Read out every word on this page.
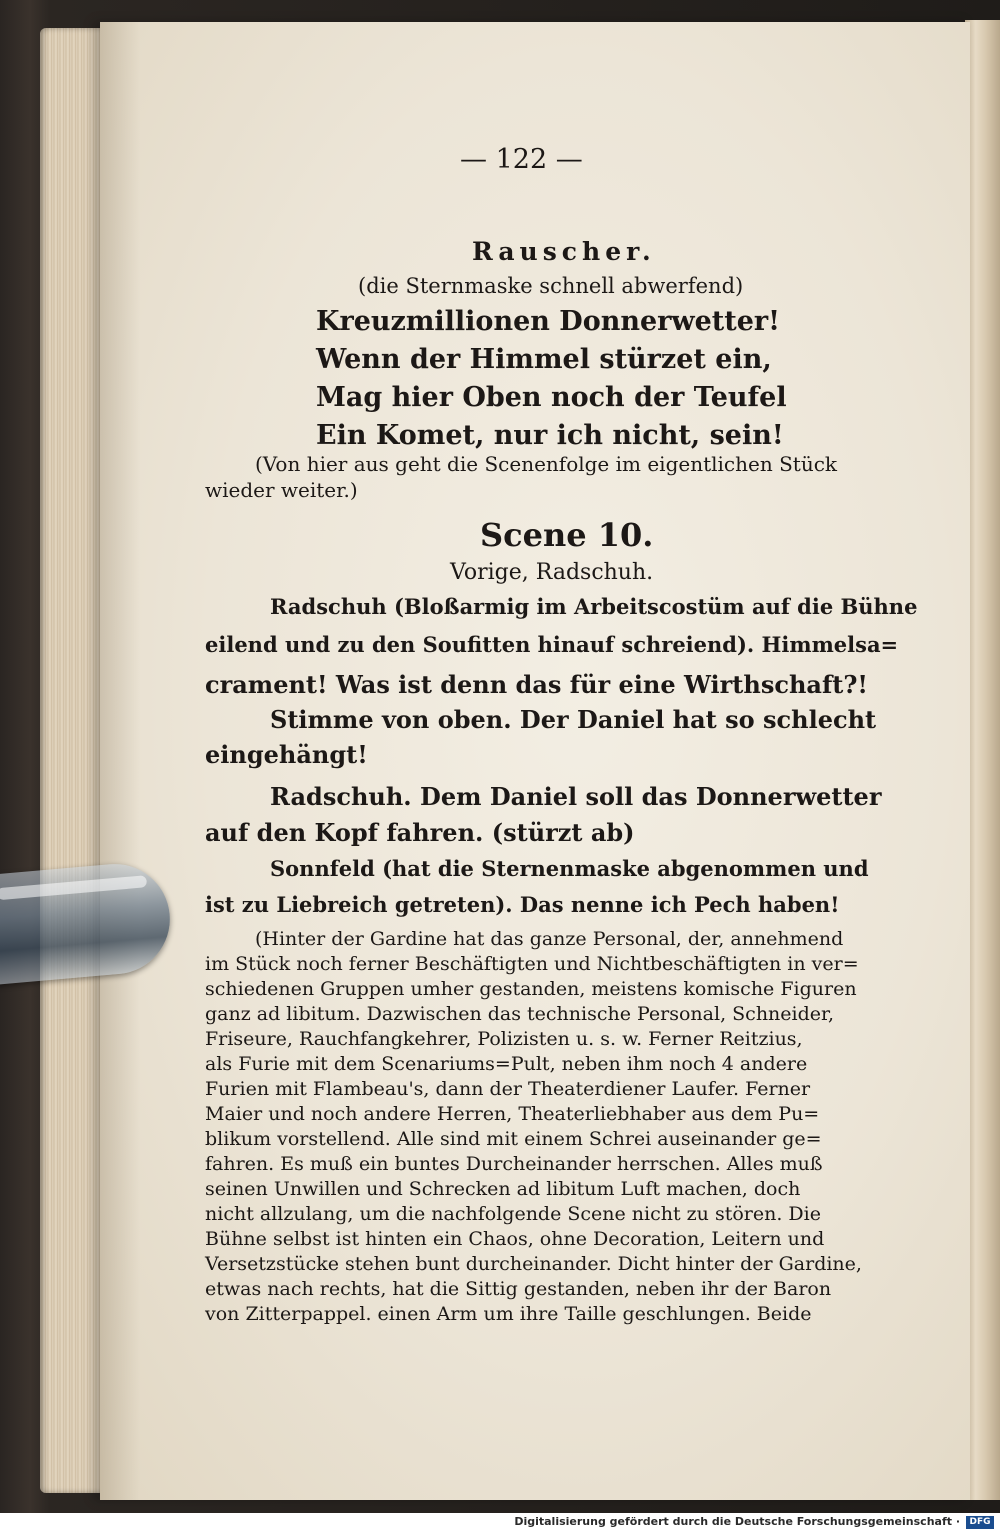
— 122 —
Rauscher.
(die Sternmaske schnell abwerfend)
Kreuzmillionen Donnerwetter!
Wenn der Himmel stürzet ein,
Mag hier Oben noch der Teufel
Ein Komet, nur ich nicht, sein!
(Von hier aus geht die Scenenfolge im eigentlichen Stück
wieder weiter.)
Scene 10.
Vorige, Radschuh.
Radschuh (Bloßarmig im Arbeitscostüm auf die Bühne
eilend und zu den Soufitten hinauf schreiend). Himmelsa=
crament! Was ist denn das für eine Wirthschaft?!
Stimme von oben. Der Daniel hat so schlecht
eingehängt!
Radschuh. Dem Daniel soll das Donnerwetter
auf den Kopf fahren. (stürzt ab)
Sonnfeld (hat die Sternenmaske abgenommen und
ist zu Liebreich getreten). Das nenne ich Pech haben!
(Hinter der Gardine hat das ganze Personal, der, annehmend
im Stück noch ferner Beschäftigten und Nichtbeschäftigten in ver=
schiedenen Gruppen umher gestanden, meistens komische Figuren
ganz ad libitum. Dazwischen das technische Personal, Schneider,
Friseure, Rauchfangkehrer, Polizisten u. s. w. Ferner Reitzius,
als Furie mit dem Scenariums=Pult, neben ihm noch 4 andere
Furien mit Flambeau's, dann der Theaterdiener Laufer. Ferner
Maier und noch andere Herren, Theaterliebhaber aus dem Pu=
blikum vorstellend. Alle sind mit einem Schrei auseinander ge=
fahren. Es muß ein buntes Durcheinander herrschen. Alles muß
seinen Unwillen und Schrecken ad libitum Luft machen, doch
nicht allzulang, um die nachfolgende Scene nicht zu stören. Die
Bühne selbst ist hinten ein Chaos, ohne Decoration, Leitern und
Versetzstücke stehen bunt durcheinander. Dicht hinter der Gardine,
etwas nach rechts, hat die Sittig gestanden, neben ihr der Baron
von Zitterpappel. einen Arm um ihre Taille geschlungen. Beide
Digitalisierung gefördert durch die Deutsche Forschungsgemeinschaft ·	DFG
